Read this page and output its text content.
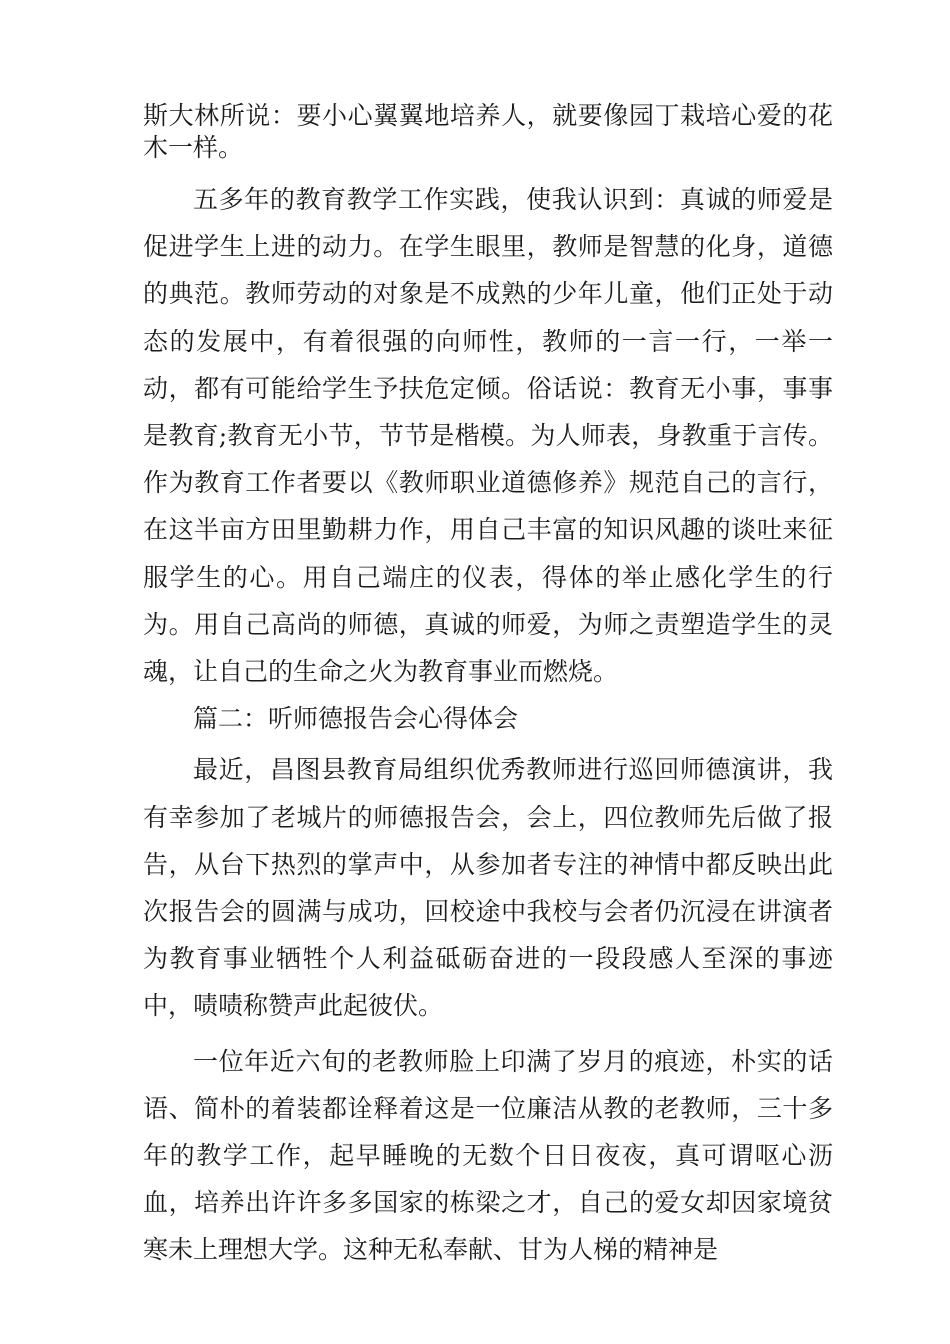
斯大林所说：要小心翼翼地培养人，就要像园丁栽培心爱的花木一样。

五多年的教育教学工作实践，使我认识到：真诚的师爱是促进学生上进的动力。在学生眼里，教师是智慧的化身，道德的典范。教师劳动的对象是不成熟的少年儿童，他们正处于动态的发展中，有着很强的向师性，教师的一言一行，一举一动，都有可能给学生予扶危定倾。俗话说：教育无小事，事事是教育;教育无小节，节节是楷模。为人师表，身教重于言传。作为教育工作者要以《教师职业道德修养》规范自己的言行，在这半亩方田里勤耕力作，用自己丰富的知识风趣的谈吐来征服学生的心。用自己端庄的仪表，得体的举止感化学生的行为。用自己高尚的师德，真诚的师爱，为师之责塑造学生的灵魂，让自己的生命之火为教育事业而燃烧。

篇二：听师德报告会心得体会

最近，昌图县教育局组织优秀教师进行巡回师德演讲，我有幸参加了老城片的师德报告会，会上，四位教师先后做了报告，从台下热烈的掌声中，从参加者专注的神情中都反映出此次报告会的圆满与成功，回校途中我校与会者仍沉浸在讲演者为教育事业牺牲个人利益砥砺奋进的一段段感人至深的事迹中，啧啧称赞声此起彼伏。

一位年近六旬的老教师脸上印满了岁月的痕迹，朴实的话语、简朴的着装都诠释着这是一位廉洁从教的老教师，三十多年的教学工作，起早睡晚的无数个日日夜夜，真可谓呕心沥血，培养出许许多多国家的栋梁之才，自己的爱女却因家境贫寒未上理想大学。这种无私奉献、甘为人梯的精神是
